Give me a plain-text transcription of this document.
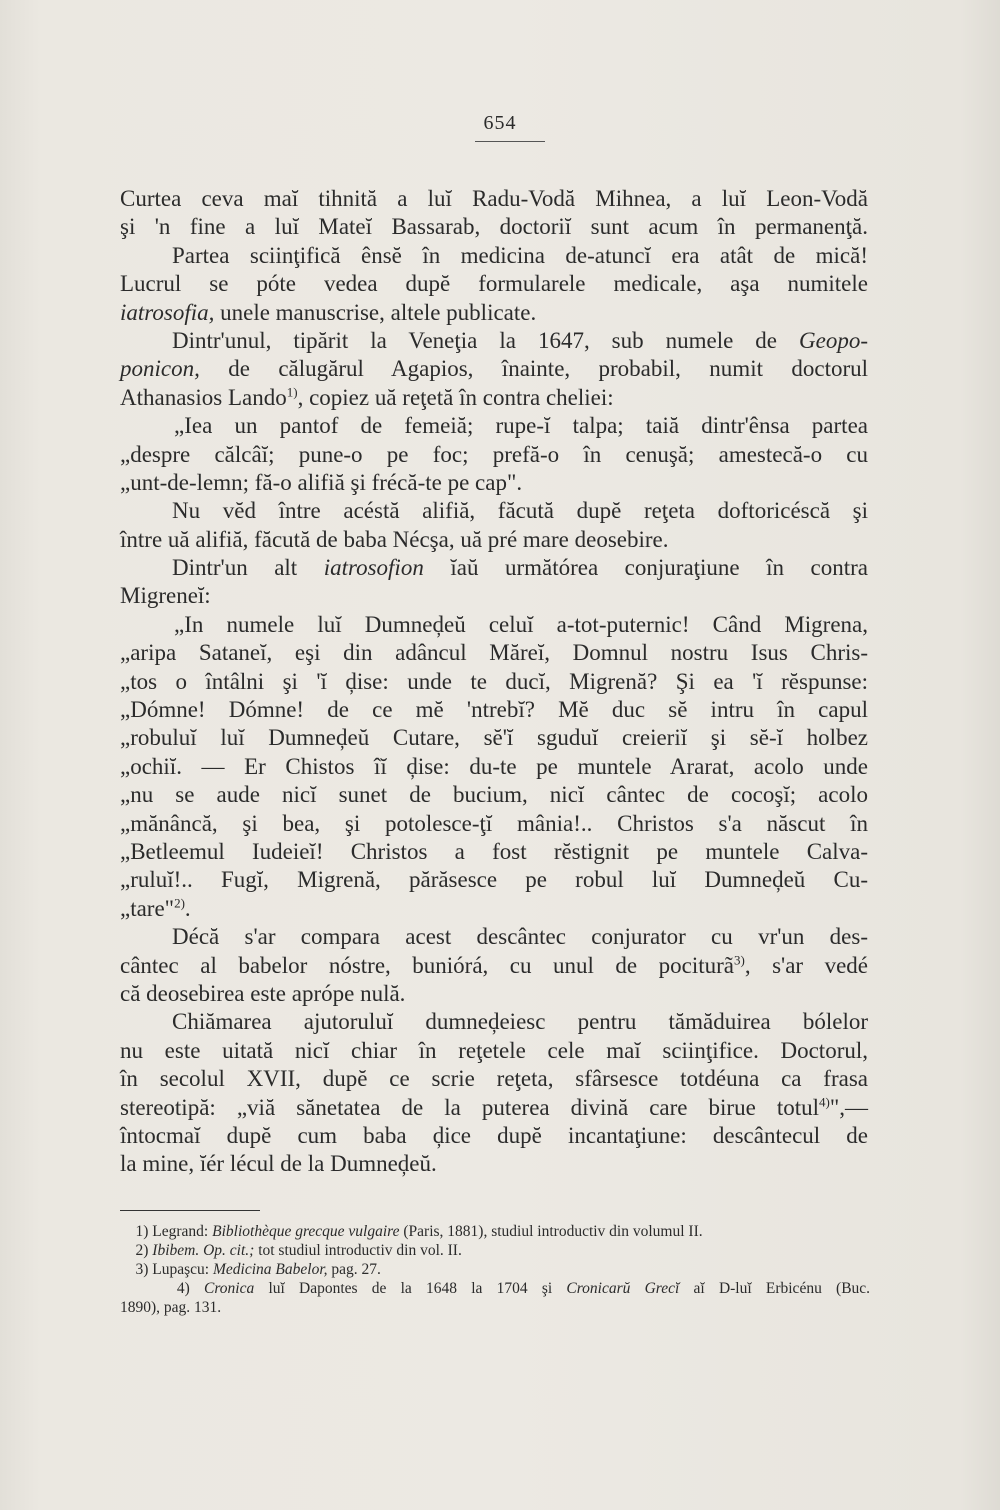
654
Curtea ceva maĭ tihnită a luĭ Radu-Vodă Mihnea, a luĭ Leon-Vodă
şi 'n fine a luĭ Mateĭ Bassarab, doctoriĭ sunt acum în permanenţă.
Partea sciinţifică ênsĕ în medicina de-atuncĭ era atât de mică!
Lucrul se póte vedea dupĕ formularele medicale, aşa numitele
iatrosofia, unele manuscrise, altele publicate.
Dintr'unul, tipărit la Veneţia la 1647, sub numele de Geopo-
ponicon, de călugărul Agapios, înainte, probabil, numit doctorul
Athanasios Lando$^{1)}$, copiez uă reţetă în contra cheliei:
„Iea un pantof de femeiă; rupe-ĭ talpa; taiă dintr'ênsa partea
„despre călcâĭ; pune-o pe foc; prefă-o în cenuşă; amestecă-o cu
„unt-de-lemn; fă-o alifiă şi frécă-te pe cap".
Nu vĕd între acéstă alifiă, făcută dupĕ reţeta doftoricéscă şi
între uă alifiă, făcută de baba Nécşa, uă pré mare deosebire.
Dintr'un alt iatrosofion ĭaŭ următórea conjuraţiune în contra
Migreneĭ:
„In numele luĭ Dumneḑeŭ celuĭ a-tot-puternic! Când Migrena,
„aripa Sataneĭ, eşi din adâncul Măreĭ, Domnul nostru Isus Chris-
„tos o întâlni şi 'ĭ ḑise: unde te ducĭ, Migrenă? Şi ea 'ĭ rĕspunse:
„Dómne! Dómne! de ce mĕ 'ntrebĭ? Mĕ duc sĕ intru în capul
„robuluĭ luĭ Dumneḑeŭ Cutare, sĕ'ĭ sguduĭ creieriĭ şi sĕ-ĭ holbez
„ochiĭ. — Er Chistos îĭ ḑise: du-te pe muntele Ararat, acolo unde
„nu se aude nicĭ sunet de bucium, nicĭ cântec de cocoşĭ; acolo
„mănâncă, şi bea, şi potolesce-ţĭ mânia!.. Christos s'a născut în
„Betleemul Iudeieĭ! Christos a fost rĕstignit pe muntele Calva-
„ruluĭ!.. Fugĭ, Migrenă, părăsesce pe robul luĭ Dumneḑeŭ Cu-
„tare"$^{2)}$.
Décă s'ar compara acest descântec conjurator cu vr'un des-
cântec al babelor nóstre, buniórá, cu unul de pociturã$^{3)}$, s'ar vedé
că deosebirea este aprópe nulă.
Chiămarea ajutoruluĭ dumneḑeiesc pentru tămăduirea bólelor
nu este uitată nicĭ chiar în reţetele cele maĭ sciinţifice. Doctorul,
în secolul XVII, dupĕ ce scrie reţeta, sfârsesce totdéuna ca frasa
stereotipă: „viă sănetatea de la puterea divină care birue totul$^{4)}$",—
întocmaĭ dupĕ cum baba ḑice dupĕ incantaţiune: descântecul de
la mine, ĭér lécul de la Dumneḑeŭ.
1) Legrand: Bibliothèque grecque vulgaire (Paris, 1881), studiul introductiv din volumul II.
2) Ibibem. Op. cit.; tot studiul introductiv din vol. II.
3) Lupaşcu: Medicina Babelor, pag. 27.
4) Cronica luĭ Dapontes de la 1648 la 1704 şi Cronicarŭ Grecĭ aĭ D-luĭ Erbicénu (Buc.
1890), pag. 131.
